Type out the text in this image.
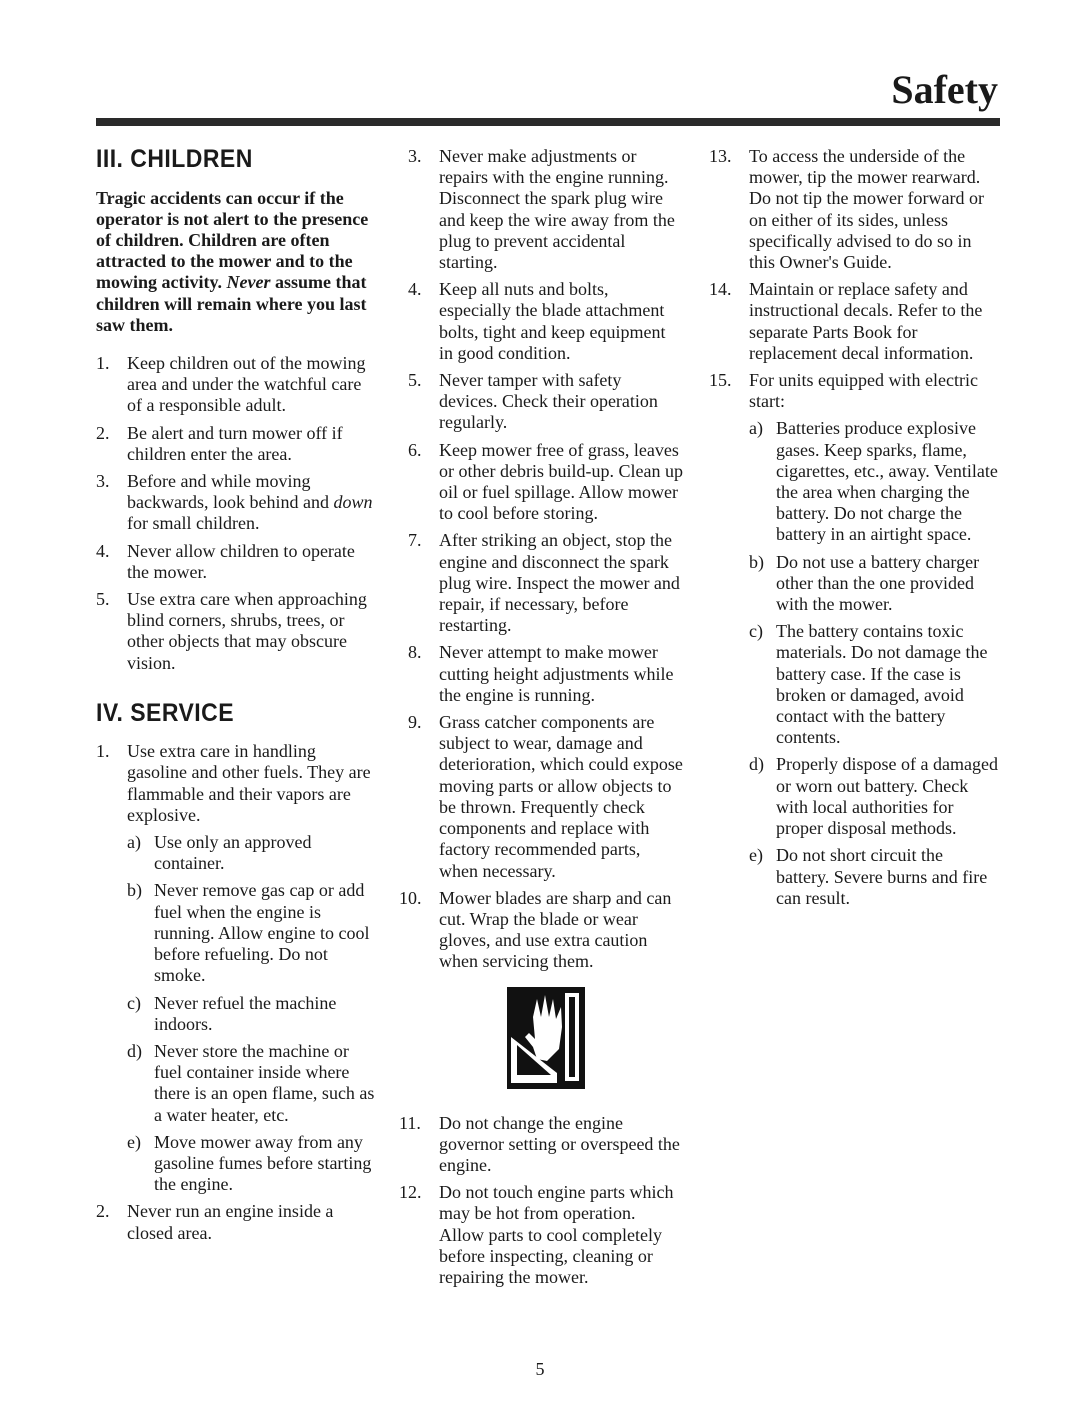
Safety
III. CHILDREN

Tragic accidents can occur if the operator is not alert to the presence of children. Children are often attracted to the mower and to the mowing activity. Never assume that children will remain where you last saw them.

1. Keep children out of the mowing area and under the watchful care of a responsible adult.
2. Be alert and turn mower off if children enter the area.
3. Before and while moving backwards, look behind and down for small children.
4. Never allow children to operate the mower.
5. Use extra care when approaching blind corners, shrubs, trees, or other objects that may obscure vision.
IV. SERVICE
1. Use extra care in handling gasoline and other fuels. They are flammable and their vapors are explosive.
a) Use only an approved container.
b) Never remove gas cap or add fuel when the engine is running. Allow engine to cool before refueling. Do not smoke.
c) Never refuel the machine indoors.
d) Never store the machine or fuel container inside where there is an open flame, such as a water heater, etc.
e) Move mower away from any gasoline fumes before starting the engine.
2. Never run an engine inside a closed area.
3. Never make adjustments or repairs with the engine running. Disconnect the spark plug wire and keep the wire away from the plug to prevent accidental starting.
4. Keep all nuts and bolts, especially the blade attachment bolts, tight and keep equipment in good condition.
5. Never tamper with safety devices. Check their operation regularly.
6. Keep mower free of grass, leaves or other debris build-up. Clean up oil or fuel spillage. Allow mower to cool before storing.
7. After striking an object, stop the engine and disconnect the spark plug wire. Inspect the mower and repair, if necessary, before restarting.
8. Never attempt to make mower cutting height adjustments while the engine is running.
9. Grass catcher components are subject to wear, damage and deterioration, which could expose moving parts or allow objects to be thrown. Frequently check components and replace with factory recommended parts, when necessary.
10. Mower blades are sharp and can cut. Wrap the blade or wear gloves, and use extra caution when servicing them.
11.	Do not change the engine governor setting or overspeed the engine.
12. Do not touch engine parts which may be hot from operation. Allow parts to cool completely before inspecting, cleaning or repairing the mower.
13. To access the underside of the mower, tip the mower rearward. Do not tip the mower forward or on either of its sides, unless specifically advised to do so in this Owner's Guide.
14. Maintain or replace safety and instructional decals. Refer to the separate Parts Book for replacement decal information.
15. For units equipped with electric start:
a) Batteries produce explosive gases. Keep sparks, flame, cigarettes, etc., away. Ventilate the area when charging the battery. Do not charge the battery in an airtight space.
b) Do not use a battery charger other than the one provided with the mower.
c) The battery contains toxic materials. Do not damage the battery case. If the case is broken or damaged, avoid contact with the battery contents.
d) Properly dispose of a damaged or worn out battery. Check with local authorities for proper disposal methods.
e) Do not short circuit the battery. Severe burns and fire can result.
5
